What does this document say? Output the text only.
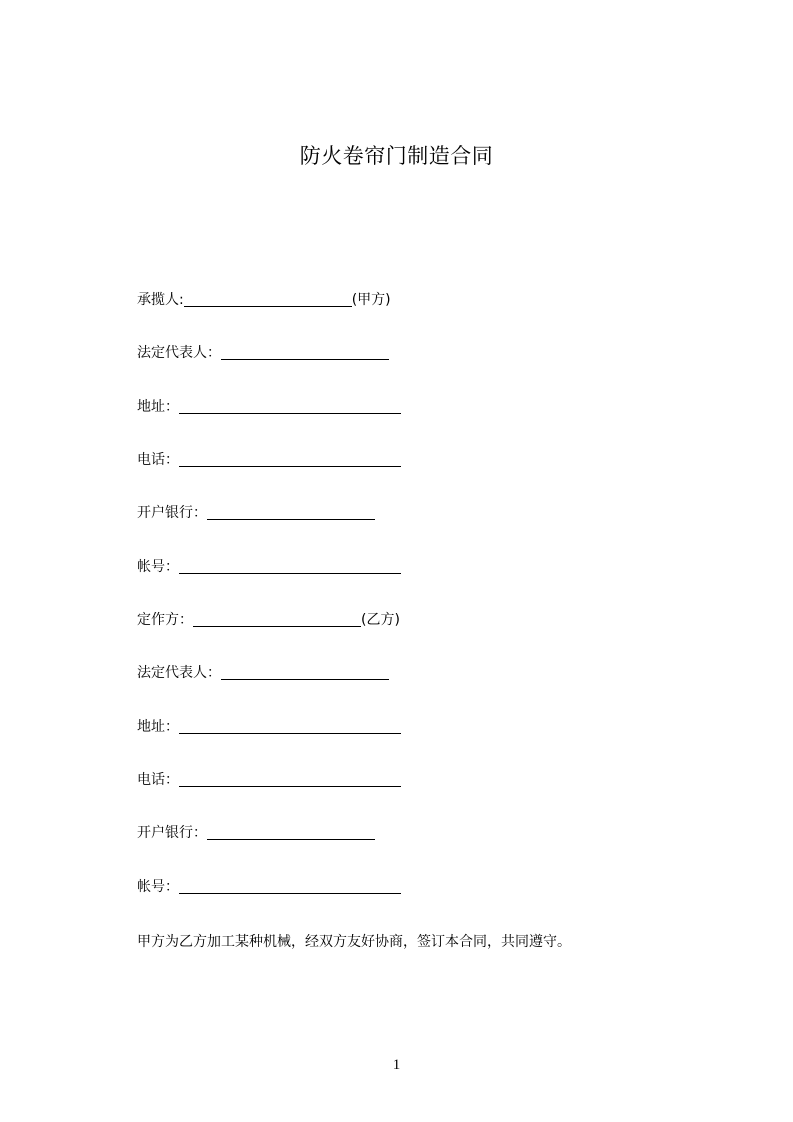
防火卷帘门制造合同
承揽人:	(甲方)
法定代表人：
地址：
电话：
开户银行：
帐号：
定作方：	(乙方)
法定代表人：
地址：
电话：
开户银行：
帐号：
甲方为乙方加工某种机械，经双方友好协商，签订本合同，共同遵守。
1
